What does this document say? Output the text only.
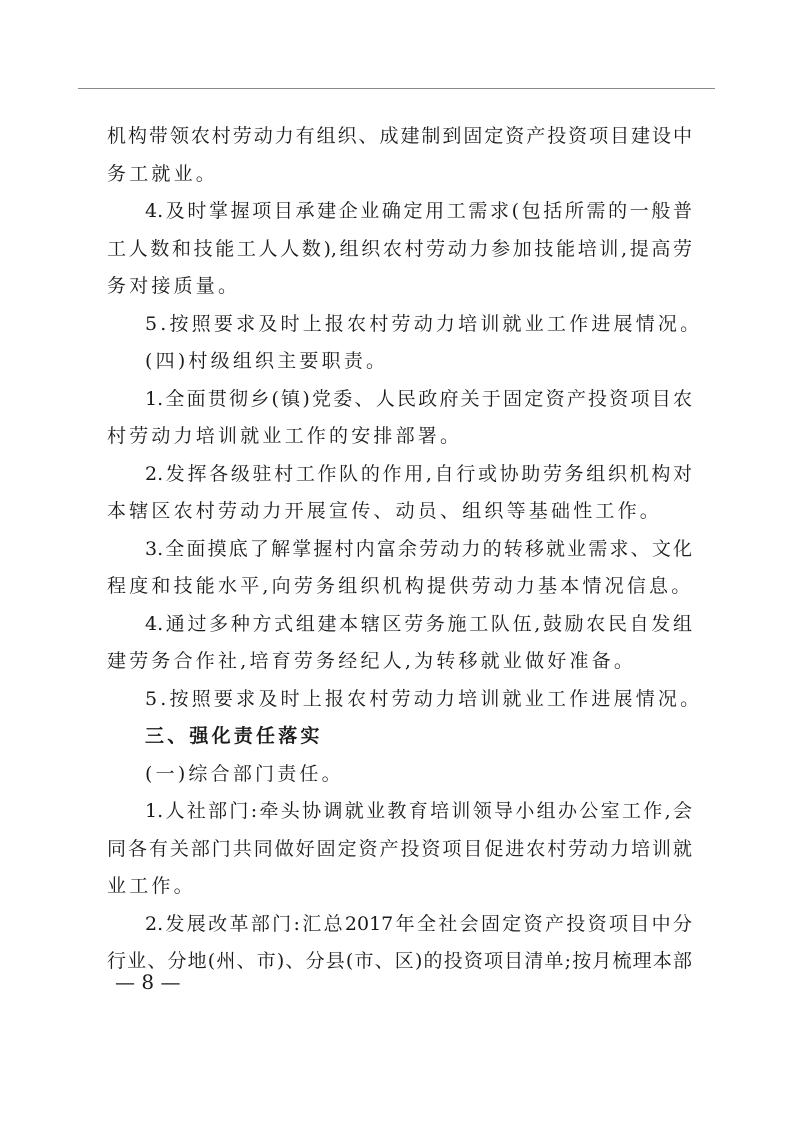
机构带领农村劳动力有组织、成建制到固定资产投资项目建设中
务工就业。
4.及时掌握项目承建企业确定用工需求(包括所需的一般普
工人数和技能工人人数),组织农村劳动力参加技能培训,提高劳
务对接质量。
5.按照要求及时上报农村劳动力培训就业工作进展情况。
(四)村级组织主要职责。
1.全面贯彻乡(镇)党委、人民政府关于固定资产投资项目农
村劳动力培训就业工作的安排部署。
2.发挥各级驻村工作队的作用,自行或协助劳务组织机构对
本辖区农村劳动力开展宣传、动员、组织等基础性工作。
3.全面摸底了解掌握村内富余劳动力的转移就业需求、文化
程度和技能水平,向劳务组织机构提供劳动力基本情况信息。
4.通过多种方式组建本辖区劳务施工队伍,鼓励农民自发组
建劳务合作社,培育劳务经纪人,为转移就业做好准备。
5.按照要求及时上报农村劳动力培训就业工作进展情况。
三、强化责任落实
(一)综合部门责任。
1.人社部门:牵头协调就业教育培训领导小组办公室工作,会
同各有关部门共同做好固定资产投资项目促进农村劳动力培训就
业工作。
2.发展改革部门:汇总2017年全社会固定资产投资项目中分
行业、分地(州、市)、分县(市、区)的投资项目清单;按月梳理本部
— 8 —
